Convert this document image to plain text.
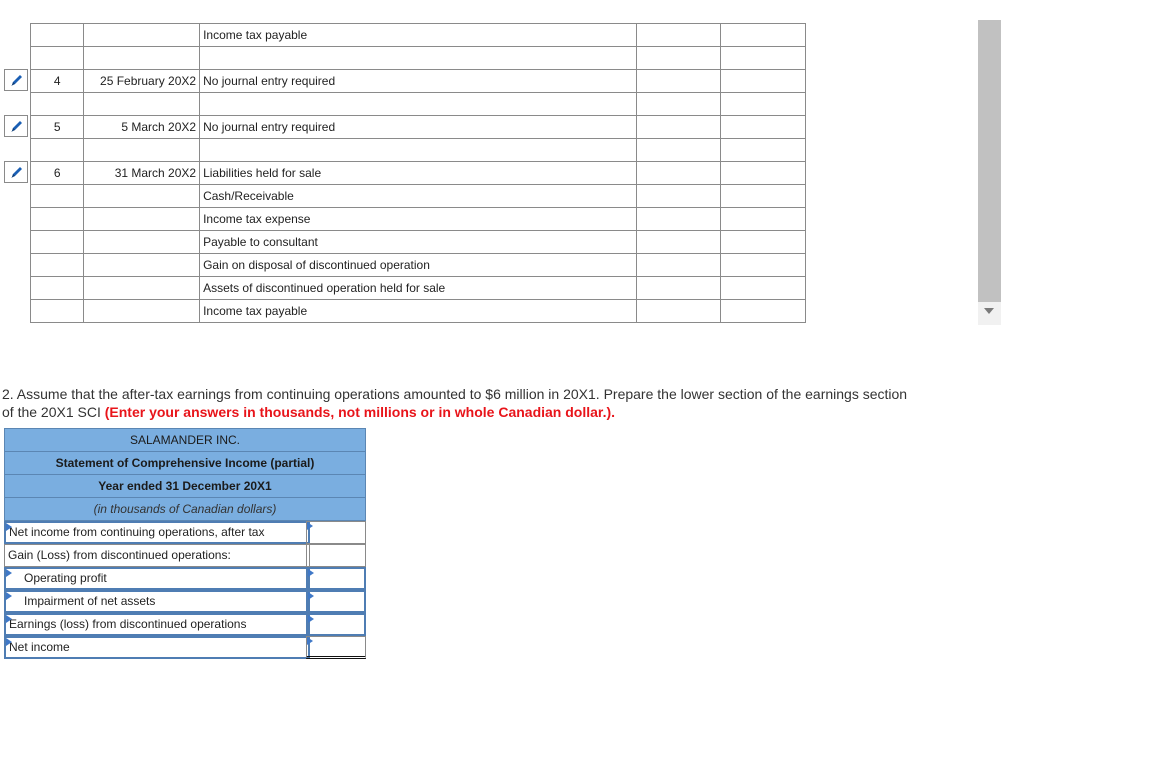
		Income tax payable		

4	25 February 20X2	No journal entry required		

5	5 March 20X2	No journal entry required		

6	31 March 20X2	Liabilities held for sale		
		Cash/Receivable		
		Income tax expense		
		Payable to consultant		
		Gain on disposal of discontinued operation		
		Assets of discontinued operation held for sale		
		Income tax payable		
2. Assume that the after-tax earnings from continuing operations amounted to $6 million in 20X1. Prepare the lower section of the earnings section of the 20X1 SCI (Enter your answers in thousands, not millions or in whole Canadian dollar.).
SALAMANDER INC.
Statement of Comprehensive Income (partial)
Year ended 31 December 20X1
(in thousands of Canadian dollars)
Net income from continuing operations, after tax
Gain (Loss) from discontinued operations:
Operating profit
Impairment of net assets
Earnings (loss) from discontinued operations
Net income
